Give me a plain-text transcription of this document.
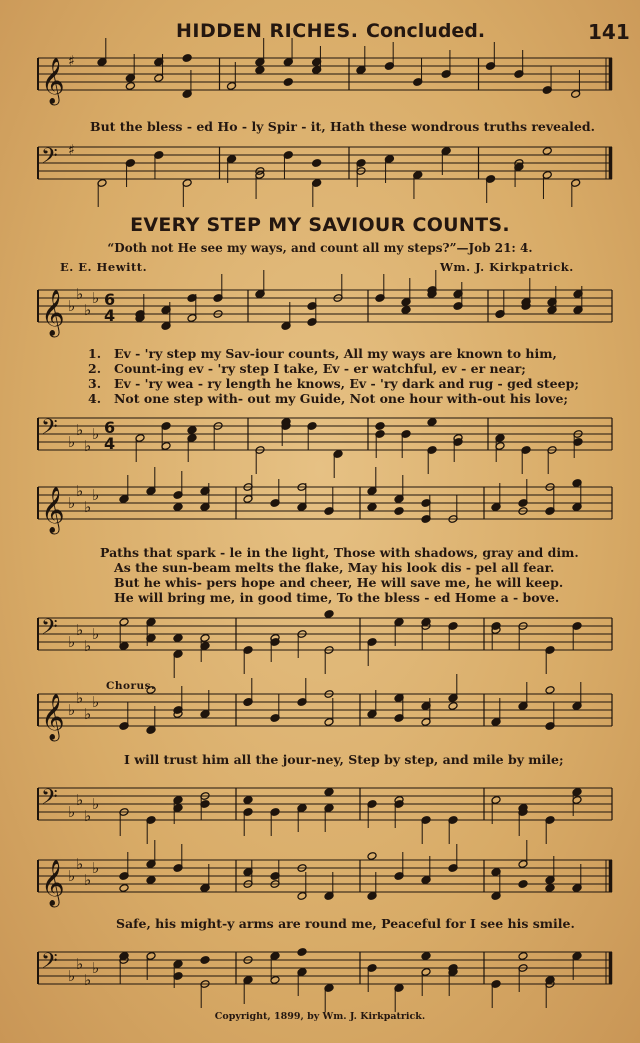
HIDDEN RICHES. Concluded.	141
𝄞 ♯
But the bless - ed Ho - ly Spir - it, Hath these wondrous truths revealed.
𝄢 ♯
EVERY STEP MY SAVIOUR COUNTS.
“Doth not He see my ways, and count all my steps?”—Job 21: 4.
E. E. Hewitt.	Wm. J. Kirkpatrick.
𝄞 ♭
♭
♭
♭ 6
4
1. Ev - 'ry step my Sav-iour counts, All my ways are known to him,
2. Count-ing ev - 'ry step I take, Ev - er watchful, ev - er near;
3. Ev - 'ry wea - ry length he knows, Ev - 'ry dark and rug - ged steep;
4. Not one step with- out my Guide, Not one hour with-out his love;
𝄢 ♭
♭
♭
♭ 6
4
𝄞 ♭
♭
♭
♭
Paths that spark - le in the light, Those with shadows, gray and dim.
As the sun-beam melts the flake, May his look dis - pel all fear.
But he whis- pers hope and cheer, He will save me, he will keep.
He will bring me, in good time, To the bless - ed Home a - bove.
𝄢 ♭
♭
♭
♭
Chorus.
𝄞 ♭
♭
♭
♭
I will trust him all the jour-ney, Step by step, and mile by mile;
𝄢 ♭
♭
♭
♭
𝄞 ♭
♭
♭
♭
Safe, his might-y arms are round me, Peaceful for I see his smile.
𝄢 ♭
♭
♭
♭
Copyright, 1899, by Wm. J. Kirkpatrick.
